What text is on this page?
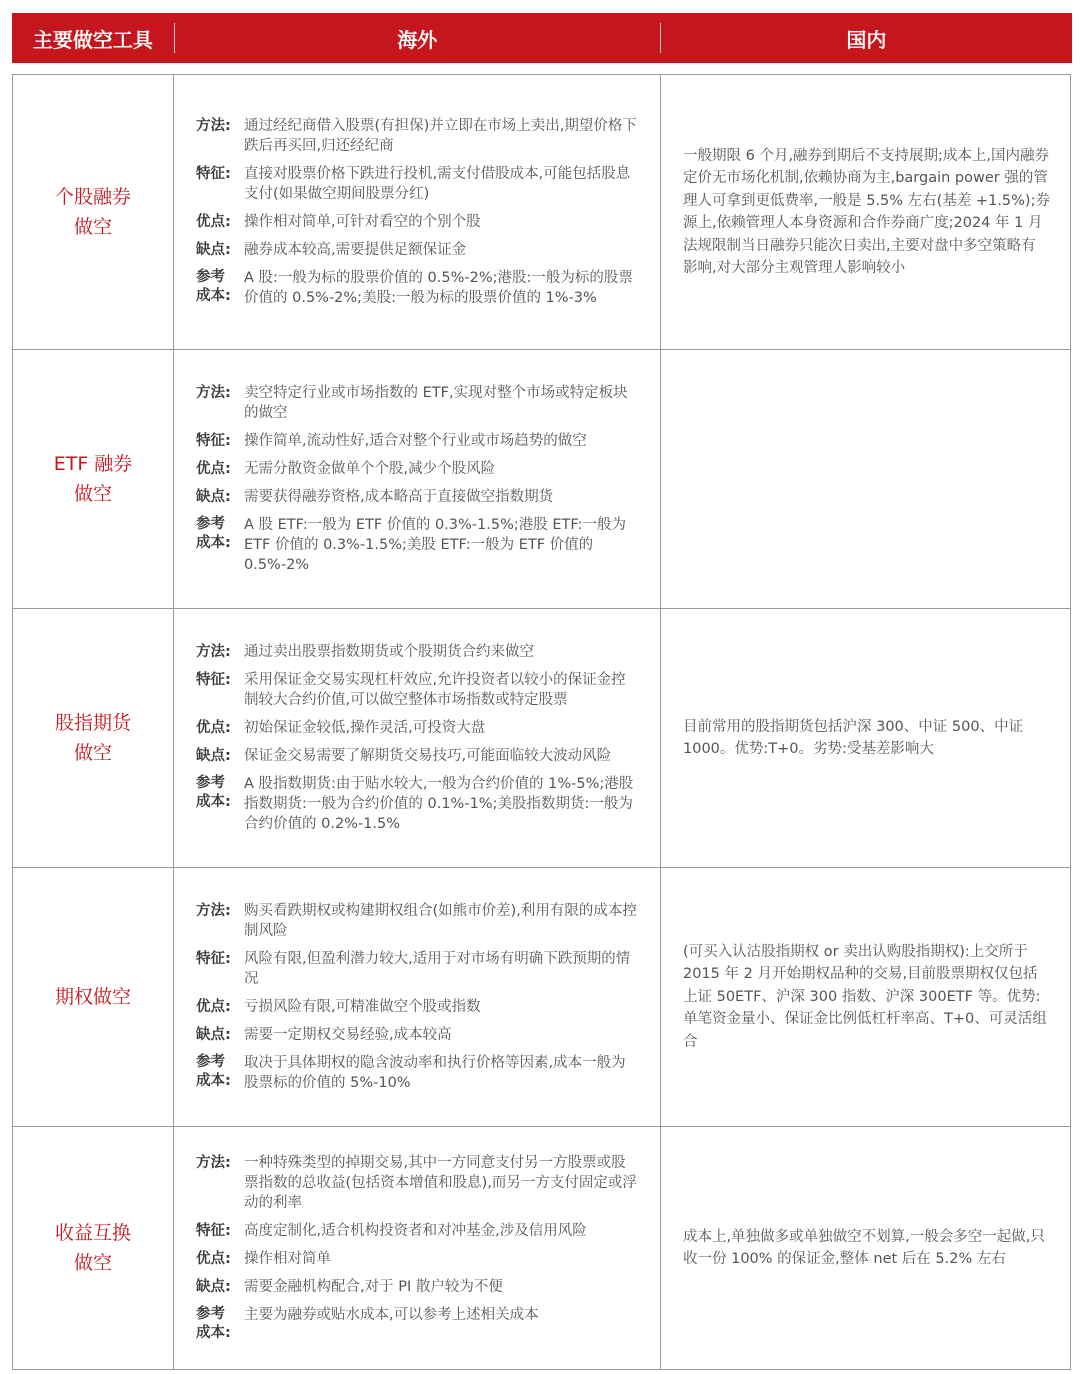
主要做空工具	海外	国内
个股融券
做空
方法: 通过经纪商借入股票(有担保)并立即在市场上卖出,期望价格下跌后再买回,归还经纪商
特征: 直接对股票价格下跌进行投机,需支付借股成本,可能包括股息支付(如果做空期间股票分红)
优点: 操作相对简单,可针对看空的个别个股
缺点: 融券成本较高,需要提供足额保证金
参考
成本:
A 股:一般为标的股票价值的 0.5%-2%;港股:一般为标的股票价值的 0.5%-2%;美股:一般为标的股票价值的 1%-3%
一般期限 6 个月,融券到期后不支持展期;成本上,国内融券定价无市场化机制,依赖协商为主,bargain power 强的管理人可拿到更低费率,一般是 5.5% 左右(基差 +1.5%);券源上,依赖管理人本身资源和合作券商广度;2024 年 1 月法规限制当日融券只能次日卖出,主要对盘中多空策略有影响,对大部分主观管理人影响较小
ETF 融券
做空
方法: 卖空特定行业或市场指数的 ETF,实现对整个市场或特定板块的做空
特征: 操作简单,流动性好,适合对整个行业或市场趋势的做空
优点: 无需分散资金做单个个股,减少个股风险
缺点: 需要获得融券资格,成本略高于直接做空指数期货
参考
成本:
A 股 ETF:一般为 ETF 价值的 0.3%-1.5%;港股 ETF:一般为 ETF 价值的 0.3%-1.5%;美股 ETF:一般为 ETF 价值的 0.5%-2%
股指期货
做空
方法: 通过卖出股票指数期货或个股期货合约来做空
特征: 采用保证金交易实现杠杆效应,允许投资者以较小的保证金控制较大合约价值,可以做空整体市场指数或特定股票
优点: 初始保证金较低,操作灵活,可投资大盘
缺点: 保证金交易需要了解期货交易技巧,可能面临较大波动风险
参考
成本:
A 股指数期货:由于贴水较大,一般为合约价值的 1%-5%;港股指数期货:一般为合约价值的 0.1%-1%;美股指数期货:一般为合约价值的 0.2%-1.5%
目前常用的股指期货包括沪深 300、中证 500、中证 1000。优势:T+0。劣势:受基差影响大
期权做空
方法: 购买看跌期权或构建期权组合(如熊市价差),利用有限的成本控制风险
特征: 风险有限,但盈利潜力较大,适用于对市场有明确下跌预期的情况
优点: 亏损风险有限,可精准做空个股或指数
缺点: 需要一定期权交易经验,成本较高
参考
成本:
取决于具体期权的隐含波动率和执行价格等因素,成本一般为股票标的价值的 5%-10%
(可买入认沽股指期权 or 卖出认购股指期权):上交所于 2015 年 2 月开始期权品种的交易,目前股票期权仅包括上证 50ETF、沪深 300 指数、沪深 300ETF 等。优势:单笔资金量小、保证金比例低杠杆率高、T+0、可灵活组合
收益互换
做空
方法: 一种特殊类型的掉期交易,其中一方同意支付另一方股票或股票指数的总收益(包括资本增值和股息),而另一方支付固定或浮动的利率
特征: 高度定制化,适合机构投资者和对冲基金,涉及信用风险
优点: 操作相对简单
缺点: 需要金融机构配合,对于 PI 散户较为不便
参考
成本:
主要为融券或贴水成本,可以参考上述相关成本
成本上,单独做多或单独做空不划算,一般会多空一起做,只收一份 100% 的保证金,整体 net 后在 5.2% 左右
